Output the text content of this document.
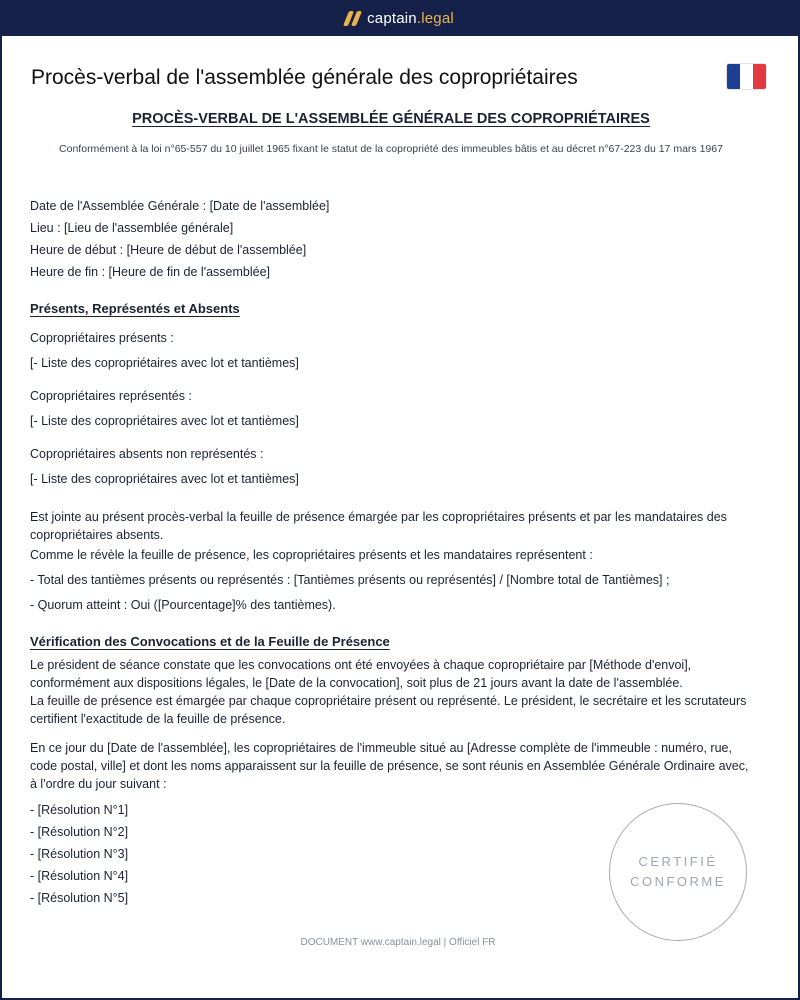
captain.legal
Procès-verbal de l'assemblée générale des copropriétaires
PROCÈS-VERBAL DE L'ASSEMBLÉE GÉNÉRALE DES COPROPRIÉTAIRES

Conformément à la loi n°65-557 du 10 juillet 1965 fixant le statut de la copropriété des immeubles bâtis et au décret n°67-223 du 17 mars 1967

Date de l'Assemblée Générale : [Date de l'assemblée]

Lieu : [Lieu de l'assemblée générale]

Heure de début : [Heure de début de l'assemblée]

Heure de fin : [Heure de fin de l'assemblée]

Présents, Représentés et Absents

Copropriétaires présents :

[- Liste des copropriétaires avec lot et tantièmes]

Copropriétaires représentés :

[- Liste des copropriétaires avec lot et tantièmes]

Copropriétaires absents non représentés :

[- Liste des copropriétaires avec lot et tantièmes]

Est jointe au présent procès-verbal la feuille de présence émargée par les copropriétaires présents et par les mandataires des copropriétaires absents.

Comme le révèle la feuille de présence, les copropriétaires présents et les mandataires représentent :

- Total des tantièmes présents ou représentés : [Tantièmes présents ou représentés] / [Nombre total de Tantièmes] ;

- Quorum atteint : Oui ([Pourcentage]% des tantièmes).

Vérification des Convocations et de la Feuille de Présence

Le président de séance constate que les convocations ont été envoyées à chaque copropriétaire par [Méthode d'envoi], conformément aux dispositions légales, le [Date de la convocation], soit plus de 21 jours avant la date de l'assemblée.

La feuille de présence est émargée par chaque copropriétaire présent ou représenté. Le président, le secrétaire et les scrutateurs certifient l'exactitude de la feuille de présence.

En ce jour du [Date de l'assemblée], les copropriétaires de l'immeuble situé au [Adresse complète de l'immeuble : numéro, rue, code postal, ville] et dont les noms apparaissent sur la feuille de présence, se sont réunis en Assemblée Générale Ordinaire avec, à l'ordre du jour suivant :

- [Résolution N°1]

- [Résolution N°2]

- [Résolution N°3]

- [Résolution N°4]

- [Résolution N°5]

CERTIFIÉ
CONFORME
DOCUMENT www.captain.legal | Officiel FR
